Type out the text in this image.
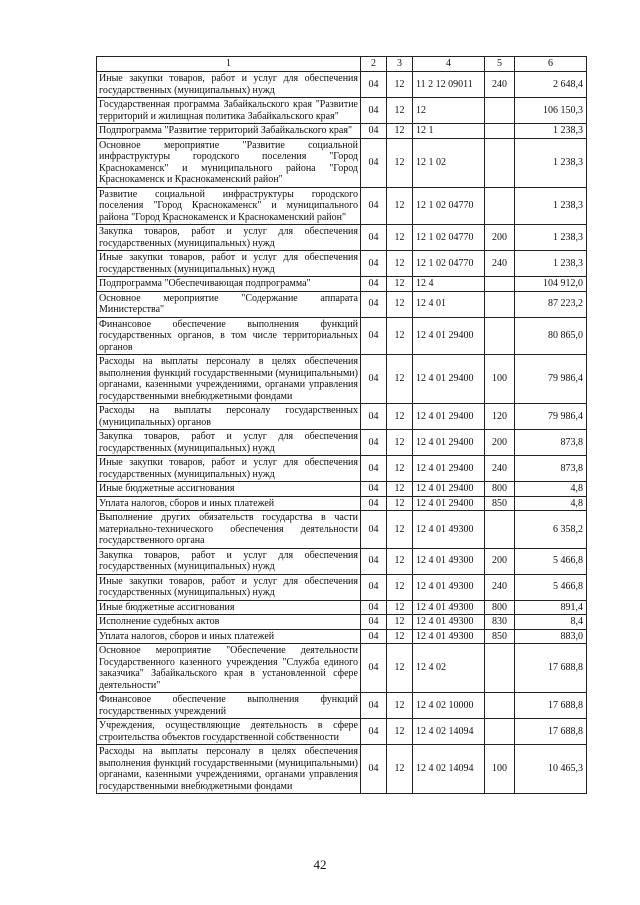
1	2	3	4	5	6
Иные закупки товаров, работ и услуг для обеспечения государственных (муниципальных) нужд	04	12	11 2 12 09011	240	2 648,4
Государственная программа Забайкальского края "Развитие территорий и жилищная политика Забайкальского края"	04	12	12		106 150,3
Подпрограмма "Развитие территорий Забайкальского края"	04	12	12 1		1 238,3
Основное мероприятие "Развитие социальной инфраструктуры городского поселения "Город Краснокаменск" и муниципального района "Город Краснокаменск и Краснокаменский район"	04	12	12 1 02		1 238,3
Развитие социальной инфраструктуры городского поселения "Город Краснокаменск" и муниципального района "Город Краснокаменск и Краснокаменский район"	04	12	12 1 02 04770		1 238,3
Закупка товаров, работ и услуг для обеспечения государственных (муниципальных) нужд	04	12	12 1 02 04770	200	1 238,3
Иные закупки товаров, работ и услуг для обеспечения государственных (муниципальных) нужд	04	12	12 1 02 04770	240	1 238,3
Подпрограмма "Обеспечивающая подпрограмма"	04	12	12 4		104 912,0
Основное мероприятие "Содержание аппарата Министерства"	04	12	12 4 01		87 223,2
Финансовое обеспечение выполнения функций государственных органов, в том числе территориальных органов	04	12	12 4 01 29400		80 865,0
Расходы на выплаты персоналу в целях обеспечения выполнения функций государственными (муниципальными) органами, казенными учреждениями, органами управления государственными внебюджетными фондами	04	12	12 4 01 29400	100	79 986,4
Расходы на выплаты персоналу государственных (муниципальных) органов	04	12	12 4 01 29400	120	79 986,4
Закупка товаров, работ и услуг для обеспечения государственных (муниципальных) нужд	04	12	12 4 01 29400	200	873,8
Иные закупки товаров, работ и услуг для обеспечения государственных (муниципальных) нужд	04	12	12 4 01 29400	240	873,8
Иные бюджетные ассигнования	04	12	12 4 01 29400	800	4,8
Уплата налогов, сборов и иных платежей	04	12	12 4 01 29400	850	4,8
Выполнение других обязательств государства в части материально-технического обеспечения деятельности государственного органа	04	12	12 4 01 49300		6 358,2
Закупка товаров, работ и услуг для обеспечения государственных (муниципальных) нужд	04	12	12 4 01 49300	200	5 466,8
Иные закупки товаров, работ и услуг для обеспечения государственных (муниципальных) нужд	04	12	12 4 01 49300	240	5 466,8
Иные бюджетные ассигнования	04	12	12 4 01 49300	800	891,4
Исполнение судебных актов	04	12	12 4 01 49300	830	8,4
Уплата налогов, сборов и иных платежей	04	12	12 4 01 49300	850	883,0
Основное мероприятие "Обеспечение деятельности Государственного казенного учреждения "Служба единого заказчика" Забайкальского края в установленной сфере деятельности"	04	12	12 4 02		17 688,8
Финансовое обеспечение выполнения функций государственных учреждений	04	12	12 4 02 10000		17 688,8
Учреждения, осуществляющие деятельность в сфере строительства объектов государственной собственности	04	12	12 4 02 14094		17 688,8
Расходы на выплаты персоналу в целях обеспечения выполнения функций государственными (муниципальными) органами, казенными учреждениями, органами управления государственными внебюджетными фондами	04	12	12 4 02 14094	100	10 465,3
42
